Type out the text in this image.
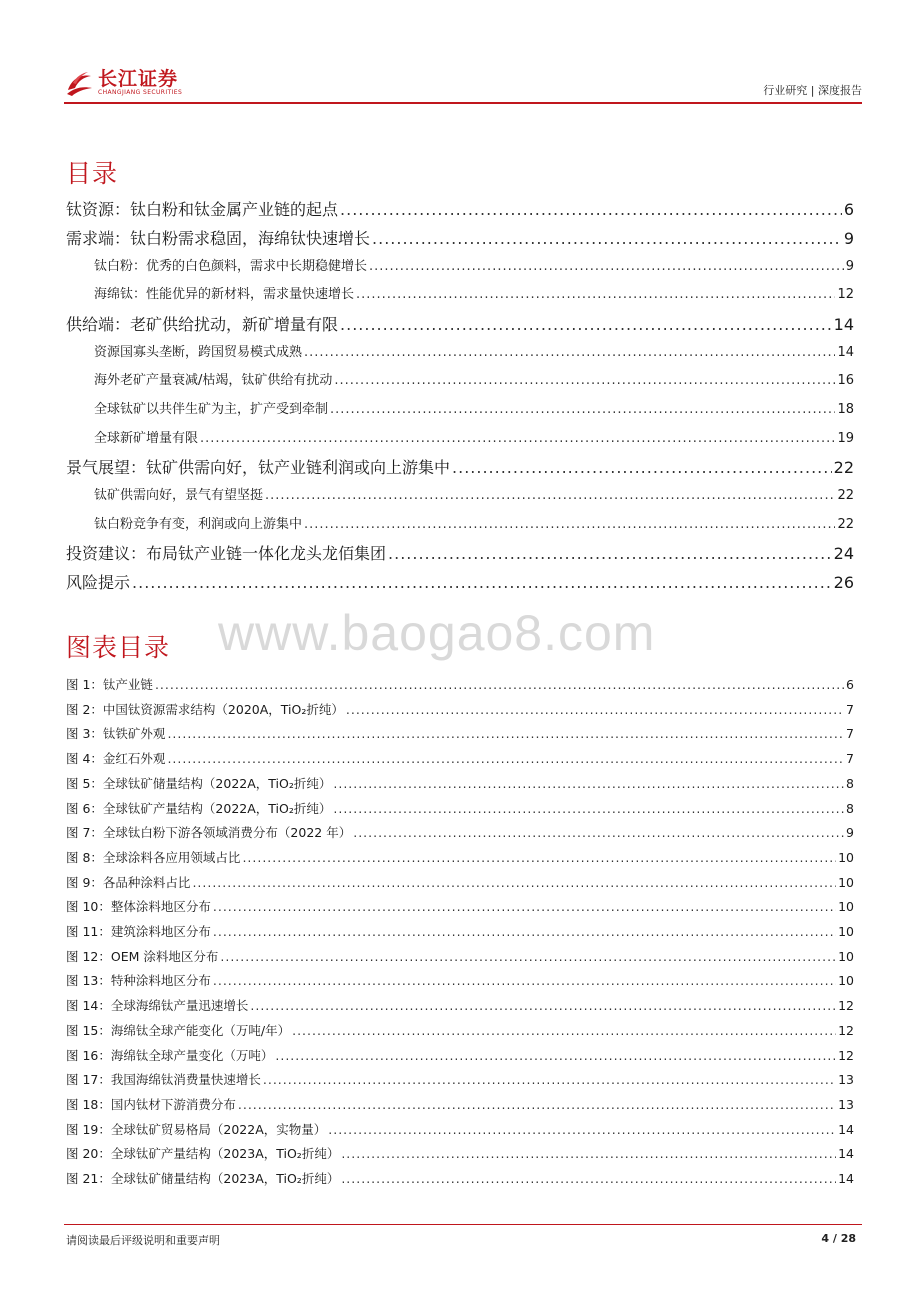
长江证券
CHANGJIANG SECURITIES	行业研究 | 深度报告
目录
钛资源：钛白粉和钛金属产业链的起点 .....	6
需求端：钛白粉需求稳固，海绵钛快速增长 .....	9
钛白粉：优秀的白色颜料，需求中长期稳健增长 .....	9
海绵钛：性能优异的新材料，需求量快速增长 .....	12
供给端：老矿供给扰动，新矿增量有限 .....	14
资源国寡头垄断，跨国贸易模式成熟 .....	14
海外老矿产量衰减/枯竭，钛矿供给有扰动 .....	16
全球钛矿以共伴生矿为主，扩产受到牵制 .....	18
全球新矿增量有限 .....	19
景气展望：钛矿供需向好，钛产业链利润或向上游集中 .....	22
钛矿供需向好，景气有望坚挺 .....	22
钛白粉竞争有变，利润或向上游集中 .....	22
投资建议：布局钛产业链一体化龙头龙佰集团 .....	24
风险提示 .....	26
www.baogao8.com
图表目录
图 1：钛产业链 .....	6
图 2：中国钛资源需求结构（2020A，TiO₂折纯） .....	7
图 3：钛铁矿外观 .....	7
图 4：金红石外观 .....	7
图 5：全球钛矿储量结构（2022A，TiO₂折纯） .....	8
图 6：全球钛矿产量结构（2022A，TiO₂折纯） .....	8
图 7：全球钛白粉下游各领域消费分布（2022 年） .....	9
图 8：全球涂料各应用领域占比 .....	10
图 9：各品种涂料占比 .....	10
图 10：整体涂料地区分布 .....	10
图 11：建筑涂料地区分布 .....	10
图 12：OEM 涂料地区分布 .....	10
图 13：特种涂料地区分布 .....	10
图 14：全球海绵钛产量迅速增长 .....	12
图 15：海绵钛全球产能变化（万吨/年） .....	12
图 16：海绵钛全球产量变化（万吨） .....	12
图 17：我国海绵钛消费量快速增长 .....	13
图 18：国内钛材下游消费分布 .....	13
图 19：全球钛矿贸易格局（2022A，实物量） .....	14
图 20：全球钛矿产量结构（2023A，TiO₂折纯） .....	14
图 21：全球钛矿储量结构（2023A，TiO₂折纯） .....	14
请阅读最后评级说明和重要声明	4 / 28
